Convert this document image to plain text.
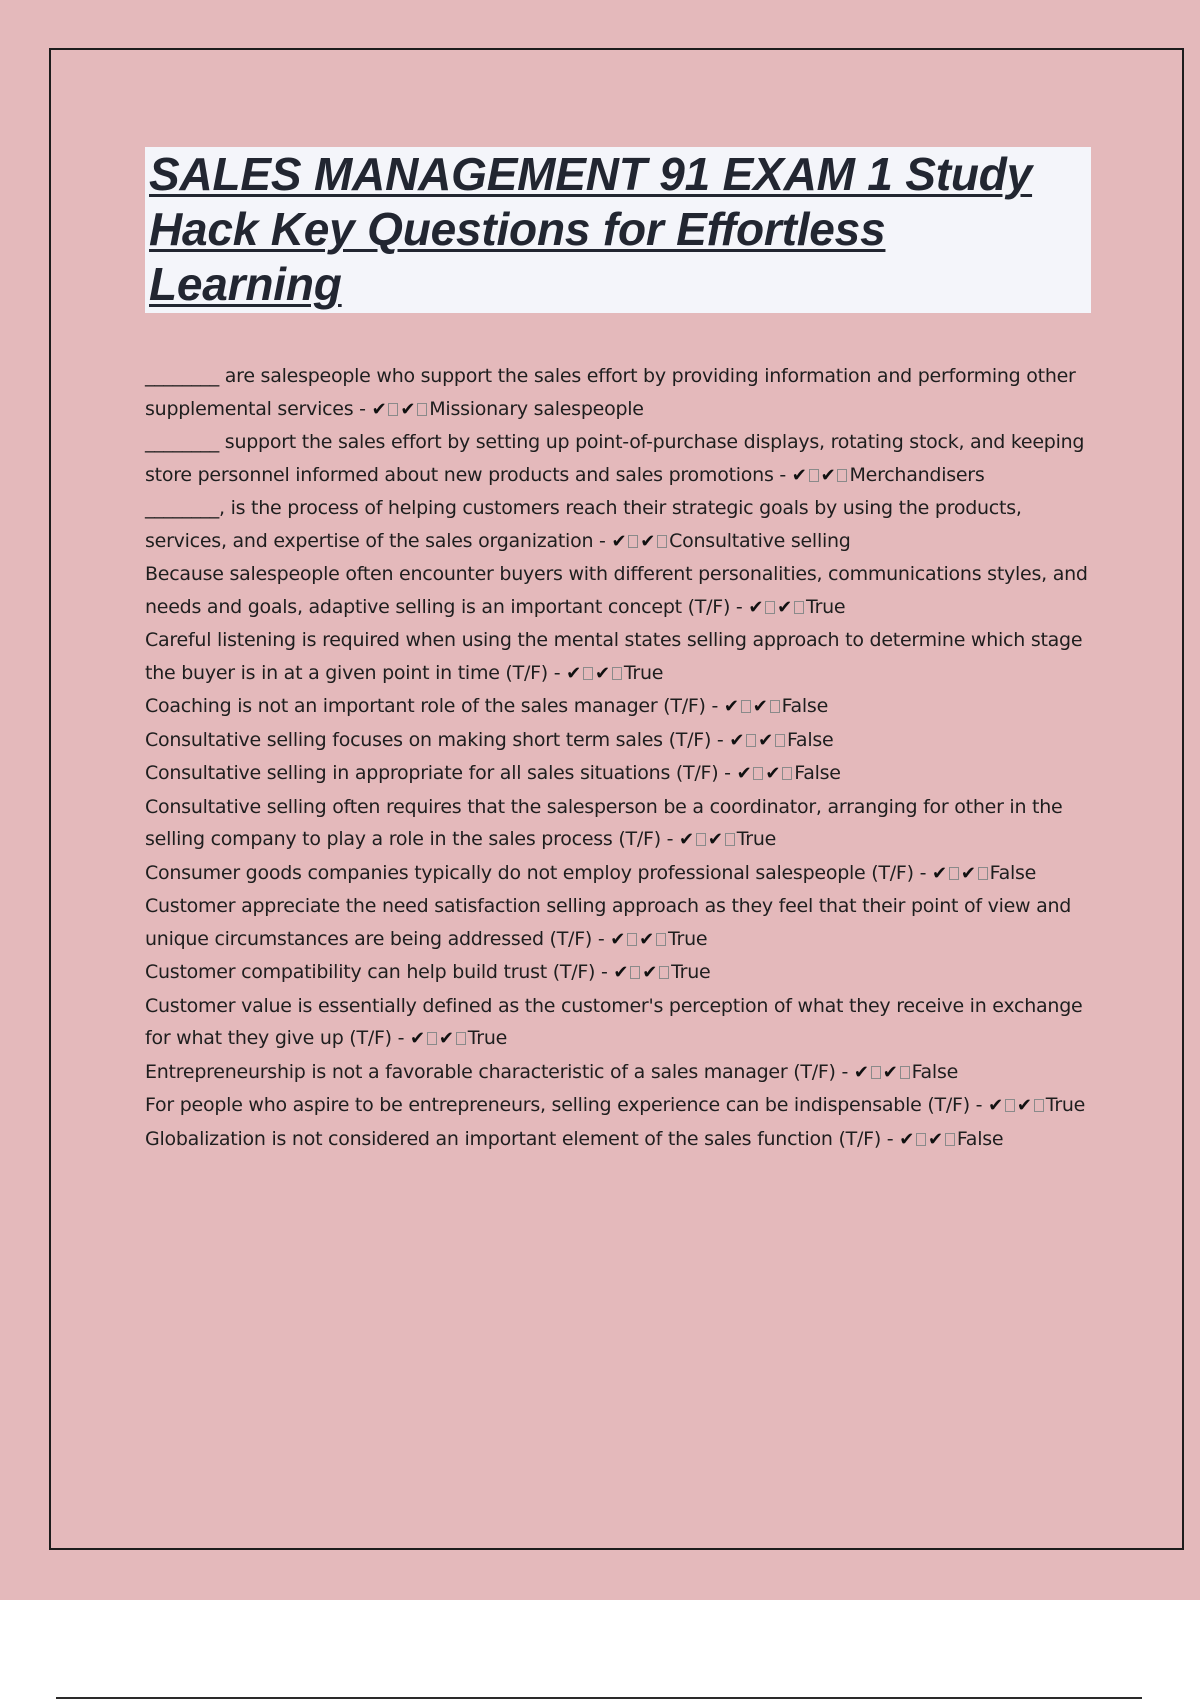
SALES MANAGEMENT 91 EXAM 1 Study Hack Key Questions for Effortless Learning

________ are salespeople who support the sales effort by providing information and performing other supplemental services - ✔ ✔ Missionary salespeople

________ support the sales effort by setting up point-of-purchase displays, rotating stock, and keeping store personnel informed about new products and sales promotions - ✔ ✔ Merchandisers

________, is the process of helping customers reach their strategic goals by using the products, services, and expertise of the sales organization - ✔ ✔ Consultative selling

Because salespeople often encounter buyers with different personalities, communications styles, and needs and goals, adaptive selling is an important concept (T/F) - ✔ ✔ True

Careful listening is required when using the mental states selling approach to determine which stage the buyer is in at a given point in time (T/F) - ✔ ✔ True

Coaching is not an important role of the sales manager (T/F) - ✔ ✔ False

Consultative selling focuses on making short term sales (T/F) - ✔ ✔ False

Consultative selling in appropriate for all sales situations (T/F) - ✔ ✔ False

Consultative selling often requires that the salesperson be a coordinator, arranging for other in the selling company to play a role in the sales process (T/F) - ✔ ✔ True

Consumer goods companies typically do not employ professional salespeople (T/F) - ✔ ✔ False

Customer appreciate the need satisfaction selling approach as they feel that their point of view and unique circumstances are being addressed (T/F) - ✔ ✔ True

Customer compatibility can help build trust (T/F) - ✔ ✔ True

Customer value is essentially defined as the customer's perception of what they receive in exchange for what they give up (T/F) - ✔ ✔ True

Entrepreneurship is not a favorable characteristic of a sales manager (T/F) - ✔ ✔ False

For people who aspire to be entrepreneurs, selling experience can be indispensable (T/F) - ✔ ✔ True

Globalization is not considered an important element of the sales function (T/F) - ✔ ✔ False
